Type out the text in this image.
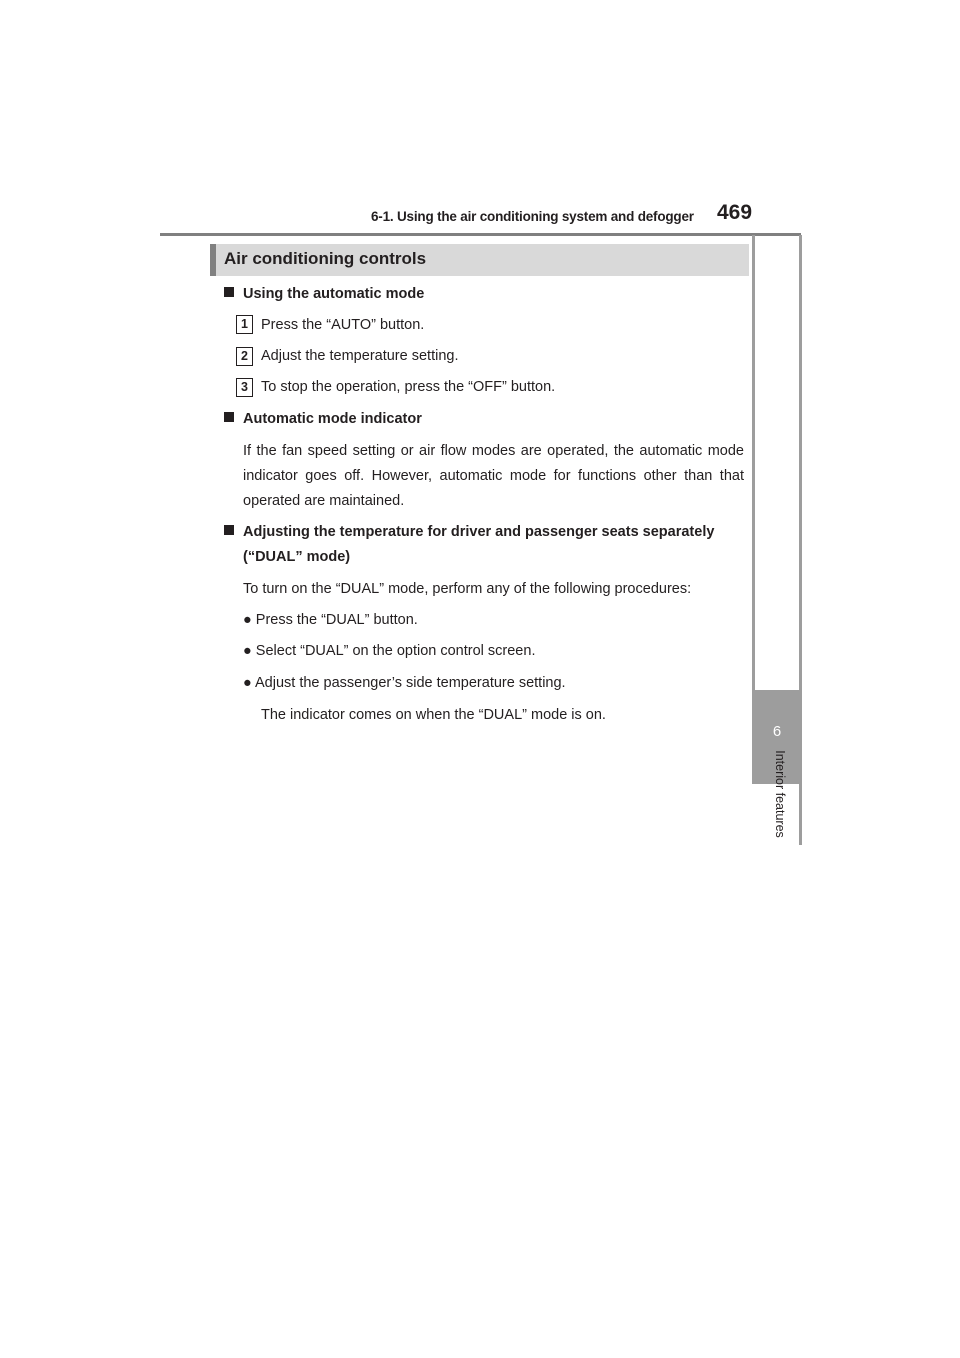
6-1. Using the air conditioning system and defogger 469
6
Interior features
Air conditioning controls
Using the automatic mode
1 Press the “AUTO” button.
2 Adjust the temperature setting.
3 To stop the operation, press the “OFF” button.
Automatic mode indicator
If the fan speed setting or air flow modes are operated, the automatic mode indicator goes off. However, automatic mode for functions other than that operated are maintained.
Adjusting the temperature for driver and passenger seats separately
(“DUAL” mode)
To turn on the “DUAL” mode, perform any of the following procedures:
● Press the “DUAL” button.
● Select “DUAL” on the option control screen.
● Adjust the passenger’s side temperature setting.
The indicator comes on when the “DUAL” mode is on.
